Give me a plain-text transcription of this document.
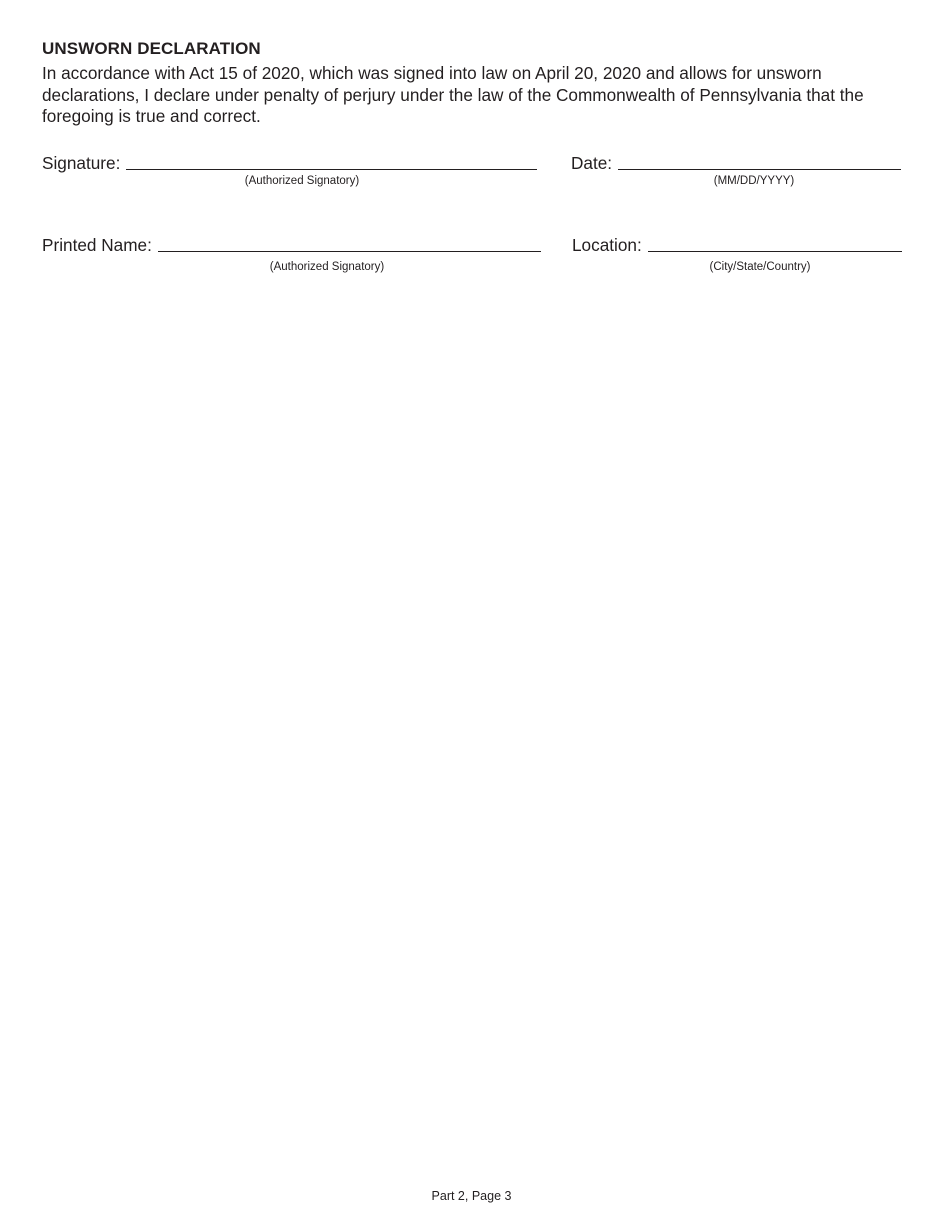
UNSWORN DECLARATION
In accordance with Act 15 of 2020, which was signed into law on April 20, 2020 and allows for unsworn declarations, I declare under penalty of perjury under the law of the Commonwealth of Pennsylvania that the foregoing is true and correct.
Signature:
(Authorized Signatory)
Date:
(MM/DD/YYYY)
Printed Name:
(Authorized Signatory)
Location:
(City/State/Country)
Part 2, Page 3
